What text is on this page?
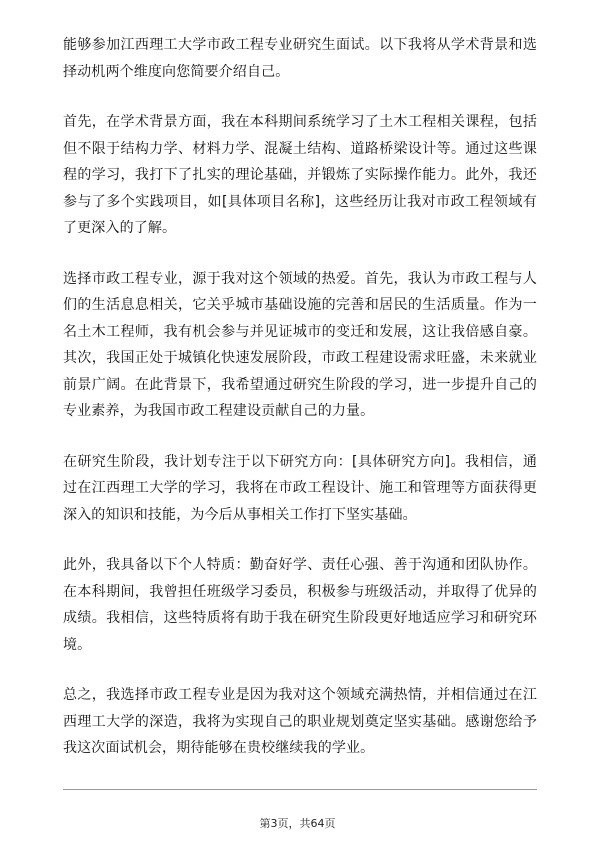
能够参加江西理工大学市政工程专业研究生面试。以下我将从学术背景和选择动机两个维度向您简要介绍自己。

首先，在学术背景方面，我在本科期间系统学习了土木工程相关课程，包括但不限于结构力学、材料力学、混凝土结构、道路桥梁设计等。通过这些课程的学习，我打下了扎实的理论基础，并锻炼了实际操作能力。此外，我还参与了多个实践项目，如[具体项目名称]，这些经历让我对市政工程领域有了更深入的了解。

选择市政工程专业，源于我对这个领域的热爱。首先，我认为市政工程与人们的生活息息相关，它关乎城市基础设施的完善和居民的生活质量。作为一名土木工程师，我有机会参与并见证城市的变迁和发展，这让我倍感自豪。其次，我国正处于城镇化快速发展阶段，市政工程建设需求旺盛，未来就业前景广阔。在此背景下，我希望通过研究生阶段的学习，进一步提升自己的专业素养，为我国市政工程建设贡献自己的力量。

在研究生阶段，我计划专注于以下研究方向：[具体研究方向]。我相信，通过在江西理工大学的学习，我将在市政工程设计、施工和管理等方面获得更深入的知识和技能，为今后从事相关工作打下坚实基础。

此外，我具备以下个人特质：勤奋好学、责任心强、善于沟通和团队协作。在本科期间，我曾担任班级学习委员，积极参与班级活动，并取得了优异的成绩。我相信，这些特质将有助于我在研究生阶段更好地适应学习和研究环境。

总之，我选择市政工程专业是因为我对这个领域充满热情，并相信通过在江西理工大学的深造，我将为实现自己的职业规划奠定坚实基础。感谢您给予我这次面试机会，期待能够在贵校继续我的学业。

第3页，共64页
